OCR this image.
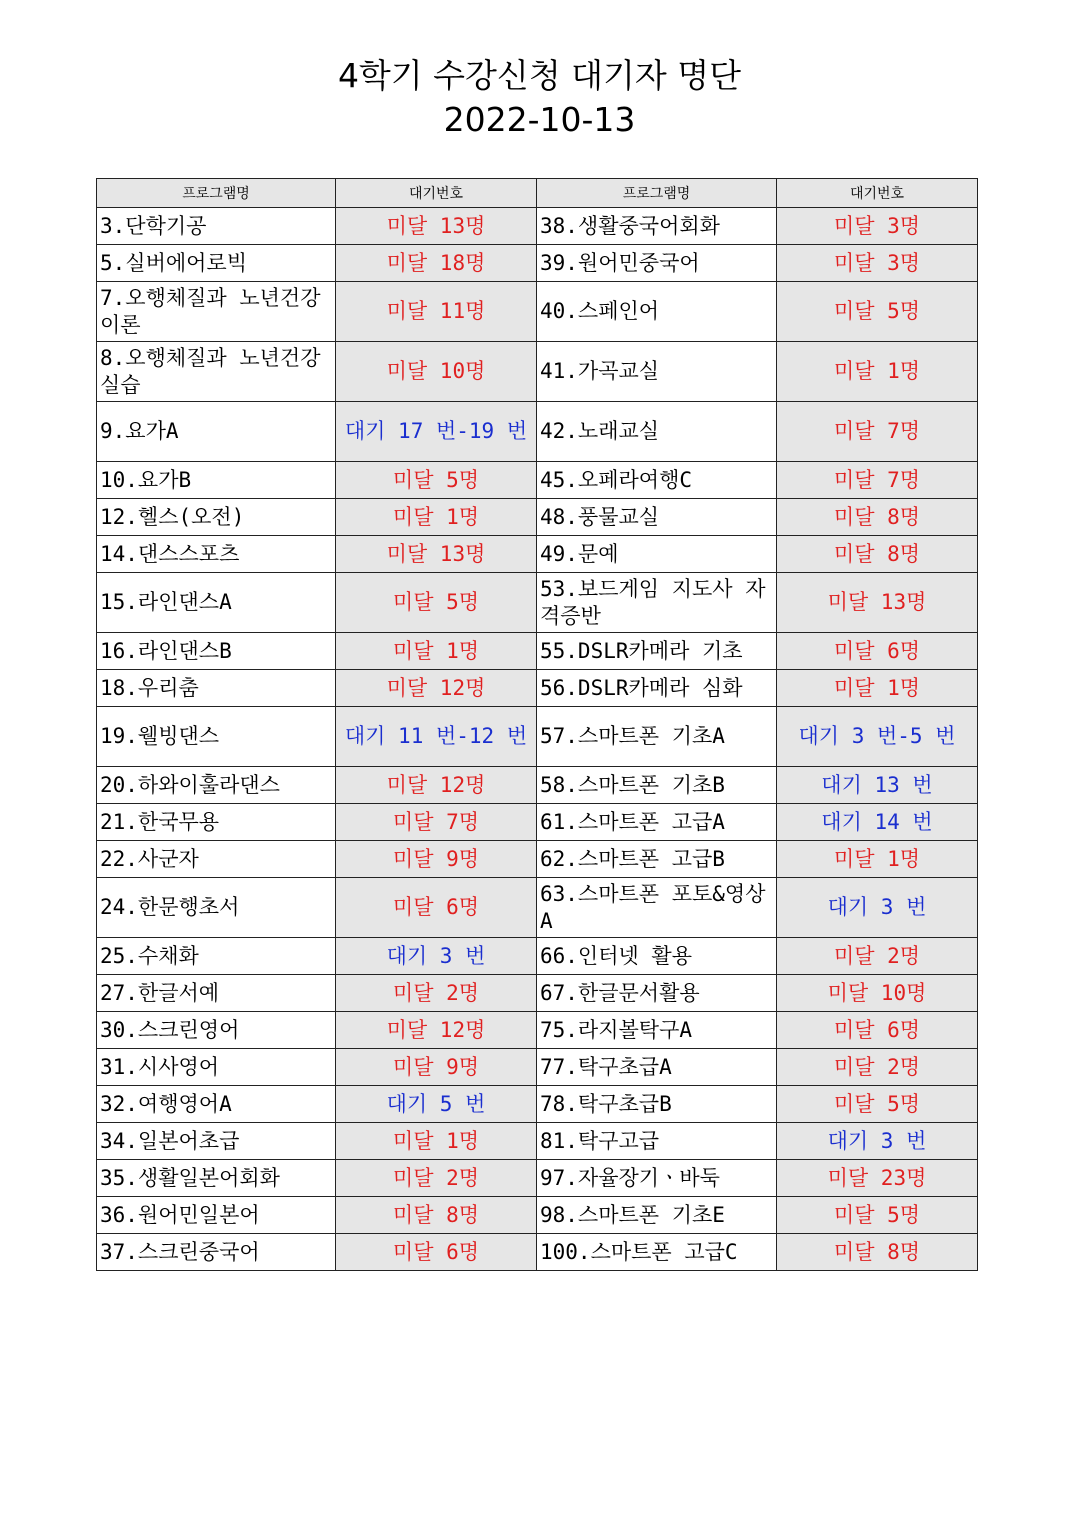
4학기 수강신청 대기자 명단
2022-10-13
프로그램명	대기번호	프로그램명	대기번호
3.단학기공	미달 13명	38.생활중국어회화	미달 3명
5.실버에어로빅	미달 18명	39.원어민중국어	미달 3명
7.오행체질과 노년건강 이론	미달 11명	40.스페인어	미달 5명
8.오행체질과 노년건강 실습	미달 10명	41.가곡교실	미달 1명
9.요가A	대기 17 번-19 번	42.노래교실	미달 7명
10.요가B	미달 5명	45.오페라여행C	미달 7명
12.헬스(오전)	미달 1명	48.풍물교실	미달 8명
14.댄스스포츠	미달 13명	49.문예	미달 8명
15.라인댄스A	미달 5명	53.보드게임 지도사 자격증반	미달 13명
16.라인댄스B	미달 1명	55.DSLR카메라 기초	미달 6명
18.우리춤	미달 12명	56.DSLR카메라 심화	미달 1명
19.웰빙댄스	대기 11 번-12 번	57.스마트폰 기초A	대기 3 번-5 번
20.하와이훌라댄스	미달 12명	58.스마트폰 기초B	대기 13 번
21.한국무용	미달 7명	61.스마트폰 고급A	대기 14 번
22.사군자	미달 9명	62.스마트폰 고급B	미달 1명
24.한문행초서	미달 6명	63.스마트폰 포토&영상A	대기 3 번
25.수채화	대기 3 번	66.인터넷 활용	미달 2명
27.한글서예	미달 2명	67.한글문서활용	미달 10명
30.스크린영어	미달 12명	75.라지볼탁구A	미달 6명
31.시사영어	미달 9명	77.탁구초급A	미달 2명
32.여행영어A	대기 5 번	78.탁구초급B	미달 5명
34.일본어초급	미달 1명	81.탁구고급	대기 3 번
35.생활일본어회화	미달 2명	97.자율장기ㆍ바둑	미달 23명
36.원어민일본어	미달 8명	98.스마트폰 기초E	미달 5명
37.스크린중국어	미달 6명	100.스마트폰 고급C	미달 8명
